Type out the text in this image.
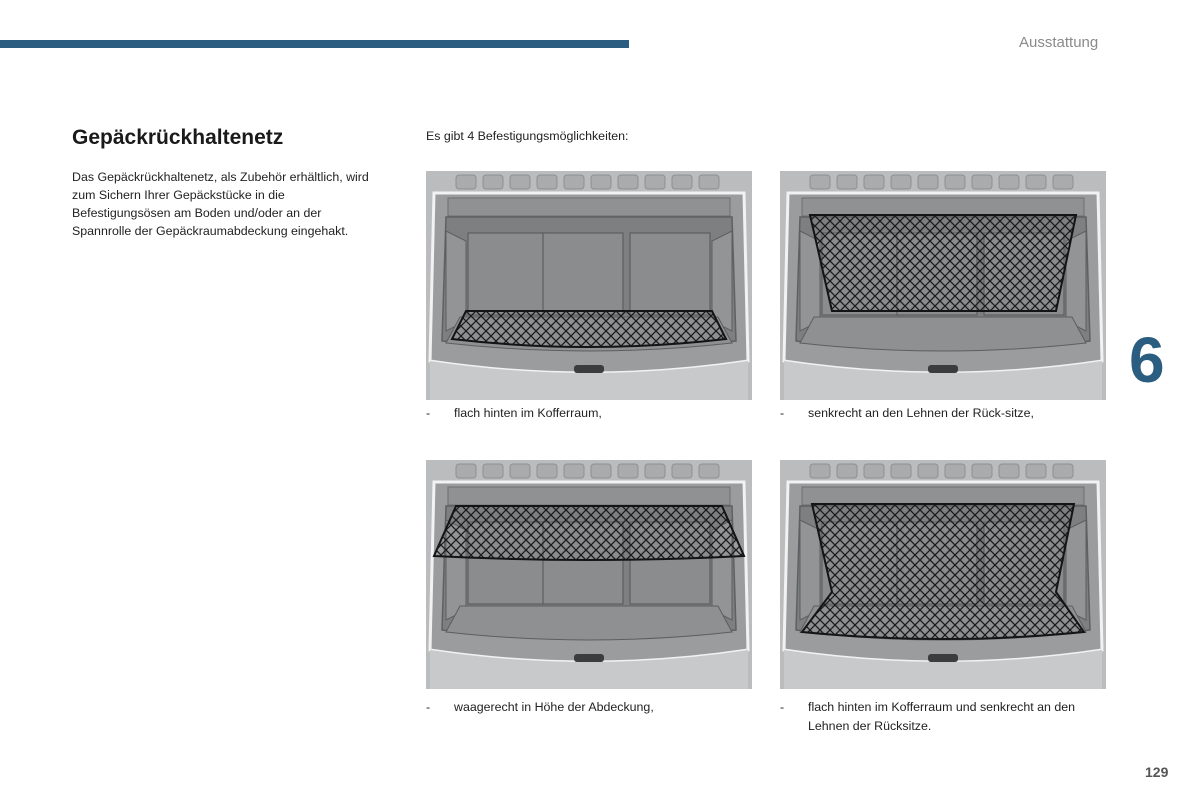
Ausstattung
Gepäckrückhaltenetz
Das Gepäckrückhaltenetz, als Zubehör erhältlich, wird zum Sichern Ihrer Gepäckstücke in die Befestigungsösen am Boden und/oder an der Spannrolle der Gepäckraumabdeckung eingehakt.
Es gibt 4 Befestigungsmöglichkeiten:
- flach hinten im Kofferraum,	- senkrecht an den Lehnen der Rück-sitze,
- waagerecht in Höhe der Abdeckung,	- flach hinten im Kofferraum und senkrecht an den Lehnen der Rücksitze.
6
129
